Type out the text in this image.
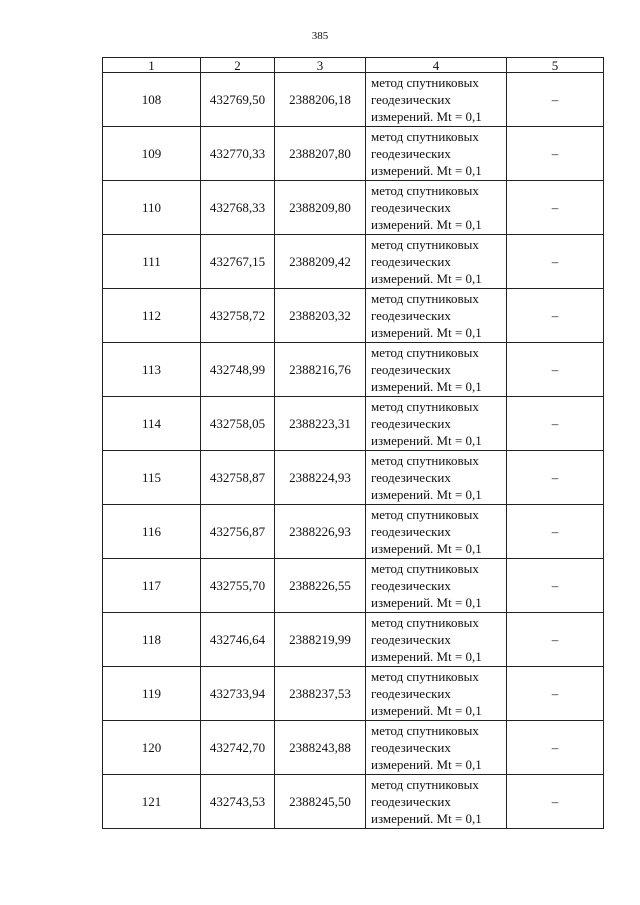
385
1	2	3	4	5
108	432769,50	2388206,18	метод спутниковых
геодезических
измерений. Mt = 0,1	–
109	432770,33	2388207,80	метод спутниковых
геодезических
измерений. Mt = 0,1	–
110	432768,33	2388209,80	метод спутниковых
геодезических
измерений. Mt = 0,1	–
111	432767,15	2388209,42	метод спутниковых
геодезических
измерений. Mt = 0,1	–
112	432758,72	2388203,32	метод спутниковых
геодезических
измерений. Mt = 0,1	–
113	432748,99	2388216,76	метод спутниковых
геодезических
измерений. Mt = 0,1	–
114	432758,05	2388223,31	метод спутниковых
геодезических
измерений. Mt = 0,1	–
115	432758,87	2388224,93	метод спутниковых
геодезических
измерений. Mt = 0,1	–
116	432756,87	2388226,93	метод спутниковых
геодезических
измерений. Mt = 0,1	–
117	432755,70	2388226,55	метод спутниковых
геодезических
измерений. Mt = 0,1	–
118	432746,64	2388219,99	метод спутниковых
геодезических
измерений. Mt = 0,1	–
119	432733,94	2388237,53	метод спутниковых
геодезических
измерений. Mt = 0,1	–
120	432742,70	2388243,88	метод спутниковых
геодезических
измерений. Mt = 0,1	–
121	432743,53	2388245,50	метод спутниковых
геодезических
измерений. Mt = 0,1	–
